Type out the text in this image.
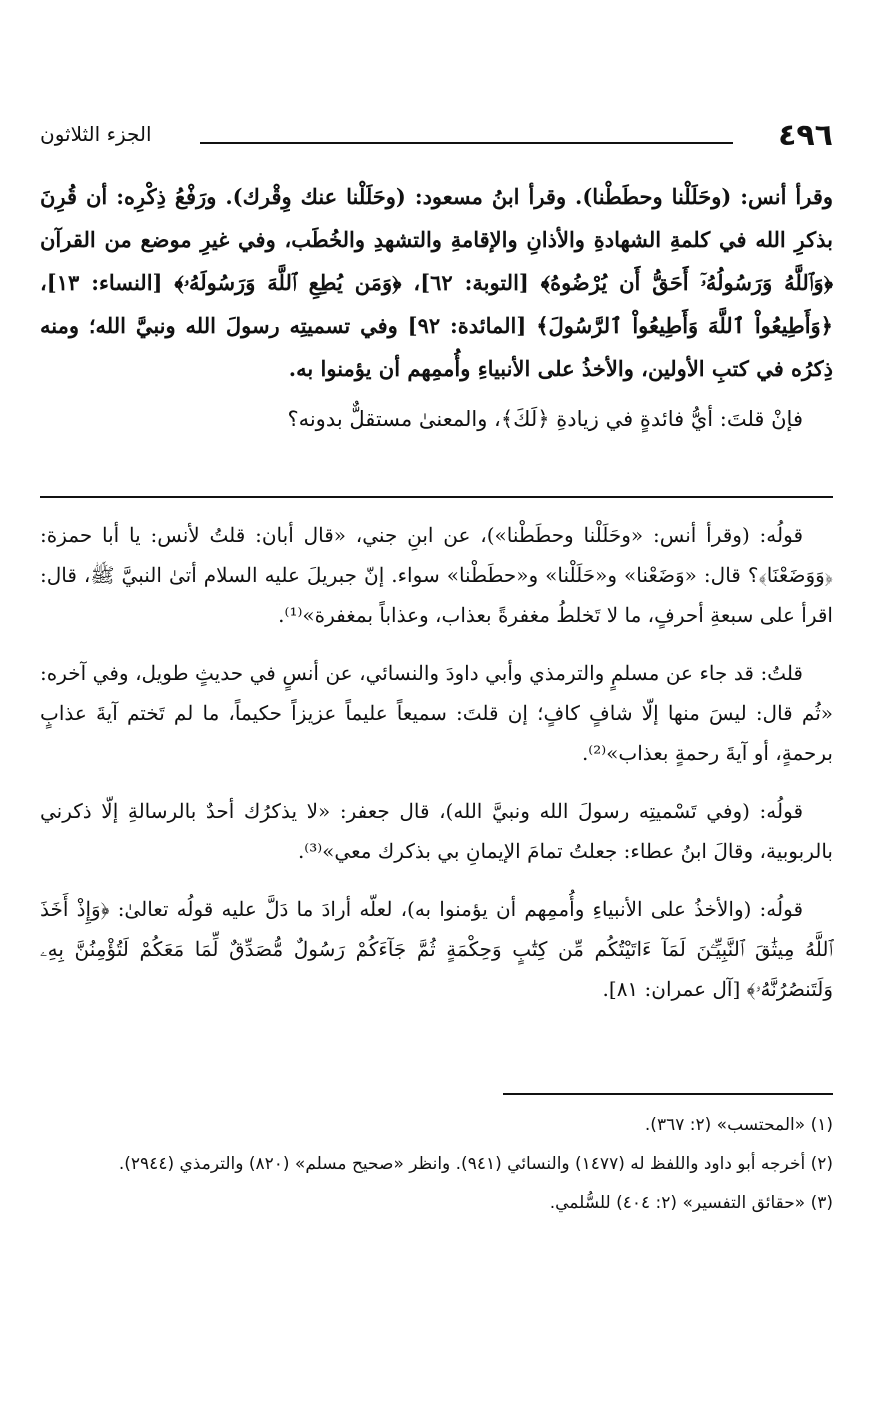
٤٩٦
الجزء الثلاثون

وقرأ أنس: (وحَلَلْنا وحطَطْنا). وقرأ ابنُ مسعود: (وحَلَلْنا عنك وِقْرك). ورَفْعُ ذِكْرِه: أن قُرِنَ بذكرِ الله في كلمةِ الشهادةِ والأذانِ والإقامةِ والتشهدِ والخُطَب، وفي غيرِ موضع من القرآن ﴿وَٱللَّهُ وَرَسُولُهُۥٓ أَحَقُّ أَن يُرْضُوهُ﴾ [التوبة: ٦٢]، ﴿وَمَن يُطِعِ ٱللَّهَ وَرَسُولَهُۥ﴾ [النساء: ١٣]، ﴿وَأَطِيعُواْ ٱللَّهَ وَأَطِيعُواْ ٱلرَّسُولَ﴾ [المائدة: ٩٢] وفي تسميتِه رسولَ الله ونبيَّ الله؛ ومنه ذِكرُه في كتبِ الأولين، والأخذُ على الأنبياءِ وأُممِهم أن يؤمنوا به.

فإنْ قلتَ: أيُّ فائدةٍ في زيادةِ ﴿لَكَ﴾، والمعنىٰ مستقلٌّ بدونه؟

قولُه: (وقرأ أنس: «وحَلَلْنا وحطَطْنا»)، عن ابنِ جني، «قال أبان: قلتُ لأنس: يا أبا حمزة: ﴿وَوَضَعْنَا﴾؟ قال: «وَضَعْنا» و«حَلَلْنا» و«حطَطْنا» سواء. إنّ جبريلَ عليه السلام أتىٰ النبيَّ ﷺ، قال: اقرأ على سبعةِ أحرفٍ، ما لا تَخلطُ مغفرةً بعذاب، وعذاباً بمغفرة»⁽¹⁾.

قلتُ: قد جاء عن مسلمٍ والترمذي وأبي داودَ والنسائي، عن أنسٍ في حديثٍ طويل، وفي آخره: «ثُم قال: ليسَ منها إلّا شافٍ كافٍ؛ إن قلتَ: سميعاً عليماً عزيزاً حكيماً، ما لم تَختم آيةَ عذابٍ برحمةٍ، أو آيةَ رحمةٍ بعذاب»⁽²⁾.

قولُه: (وفي تَسْميتِه رسولَ الله ونبيَّ الله)، قال جعفر: «لا يذكرُك أحدٌ بالرسالةِ إلّا ذكرني بالربوبية، وقالَ ابنُ عطاء: جعلتُ تمامَ الإيمانِ بي بذكرك معي»⁽³⁾.

قولُه: (والأخذُ على الأنبياءِ وأُممِهم أن يؤمنوا به)، لعلّه أرادَ ما دَلَّ عليه قولُه تعالىٰ: ﴿وَإِذْ أَخَذَ ٱللَّهُ مِيثَٰقَ ٱلنَّبِيِّـۧنَ لَمَآ ءَاتَيْتُكُم مِّن كِتَٰبٍ وَحِكْمَةٍ ثُمَّ جَآءَكُمْ رَسُولٌ مُّصَدِّقٌ لِّمَا مَعَكُمْ لَتُؤْمِنُنَّ بِهِۦ وَلَتَنصُرُنَّهُۥ﴾ [آل عمران: ٨١].

(١) «المحتسب» (٢: ٣٦٧).

(٢) أخرجه أبو داود واللفظ له (١٤٧٧) والنسائي (٩٤١). وانظر «صحيح مسلم» (٨٢٠) والترمذي (٢٩٤٤).

(٣) «حقائق التفسير» (٢: ٤٠٤) للسُّلمي.
